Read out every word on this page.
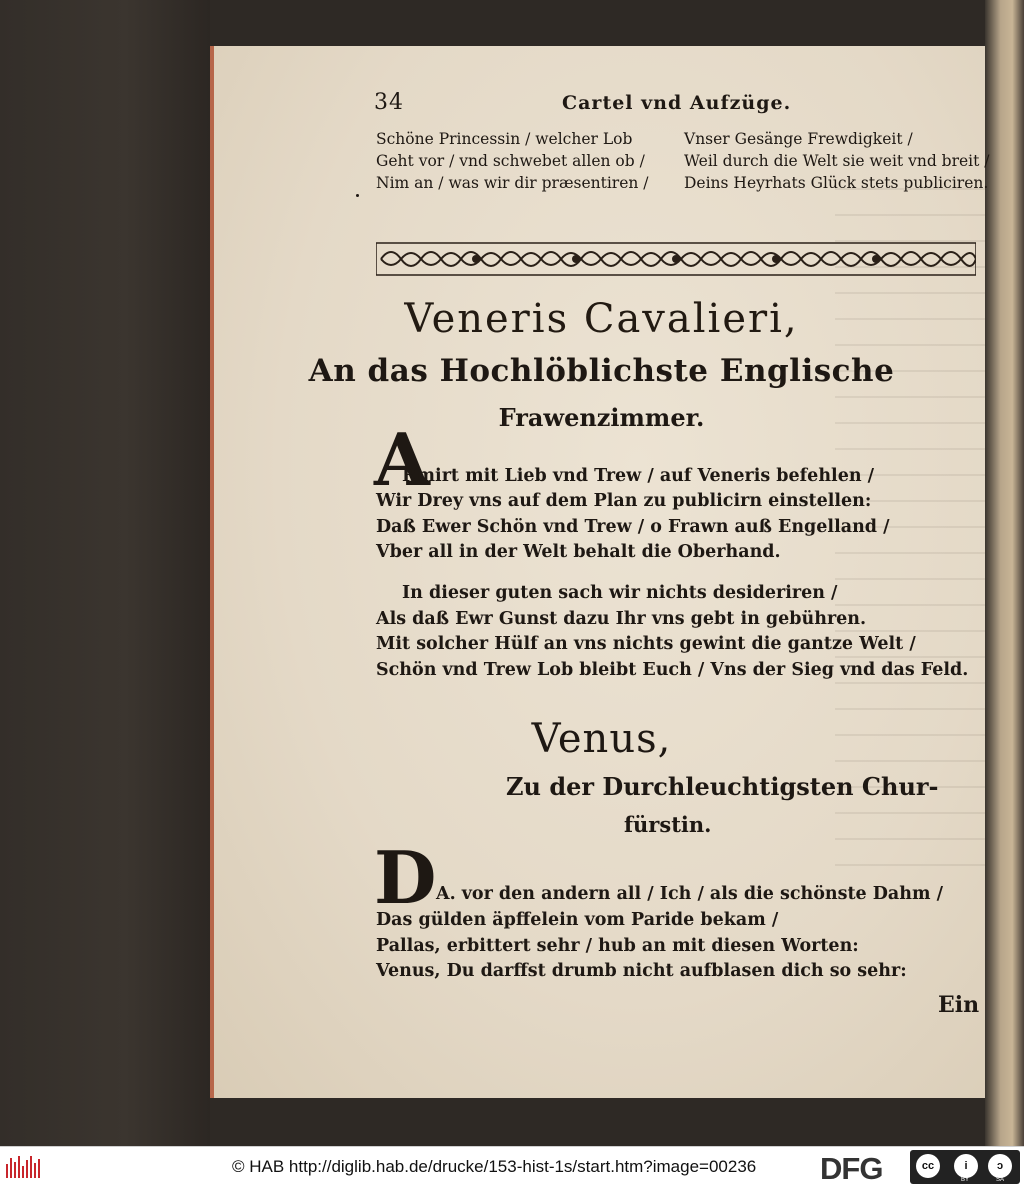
34	Cartel vnd Aufzüge.
Schöne Princessin / welcher Lob
Geht vor / vnd schwebet allen ob /
Nim an / was wir dir præsentiren /
Vnser Gesänge Frewdigkeit /
Weil durch die Welt sie weit vnd breit /
Deins Heyrhats Glück stets publiciren.
Veneris Cavalieri,
An das Hochlöblichste Englische
Frawenzimmer.
A
Rmirt mit Lieb vnd Trew / auf Veneris befehlen /
Wir Drey vns auf dem Plan zu publicirn einstellen:
Daß Ewer Schön vnd Trew / o Frawn auß Engelland /
Vber all in der Welt behalt die Oberhand.
In dieser guten sach wir nichts desideriren /
Als daß Ewr Gunst dazu Ihr vns gebt in gebühren.
Mit solcher Hülf an vns nichts gewint die gantze Welt /
Schön vnd Trew Lob bleibt Euch / Vns der Sieg vnd das Feld.
Venus,
Zu der Durchleuchtigsten Chur-
fürstin.
D A. vor den andern all / Ich / als die schönste Dahm /
Das gülden äpffelein vom Paride bekam /
Pallas, erbittert sehr / hub an mit diesen Worten:
Venus, Du darffst drumb nicht aufblasen dich so sehr:
Ein
© HAB http://diglib.hab.de/drucke/153-hist-1s/start.htm?image=00236 DFG	cc	i	ↄ
BY	SA
